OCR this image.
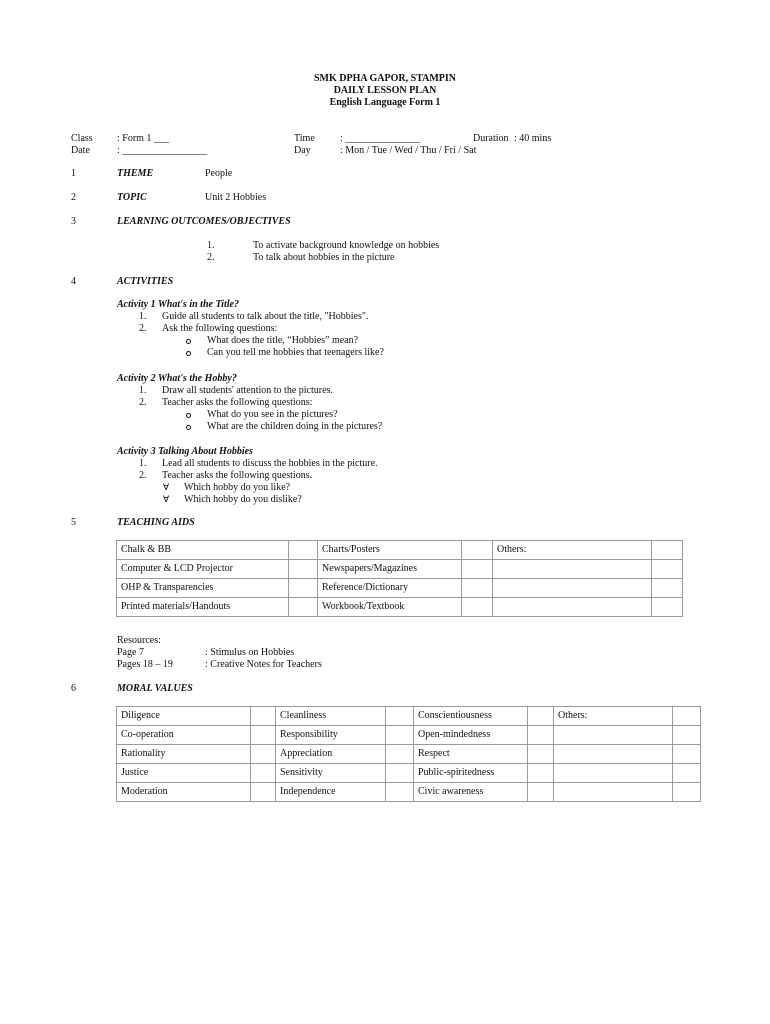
SMK DPHA GAPOR, STAMPIN
DAILY LESSON PLAN
English Language Form 1
Class : Form 1 ___
Date	: _________________
Time	: _______________
Day	: Mon / Tue / Wed / Thu / Fri / Sat
Duration : 40 mins
1	THEME	People
2	TOPIC	Unit 2 Hobbies
3	LEARNING OUTCOMES/OBJECTIVES
1.	To activate background knowledge on hobbies
2.	To talk about hobbies in the picture
4	ACTIVITIES
Activity 1 What's in the Title?
1. Guide all students to talk about the title, "Hobbies".
2. Ask the following questions:
What does the title, “Hobbies” mean?
Can you tell me hobbies that teenagers like?
Activity 2 What's the Hobby?
1. Draw all students' attention to the pictures.
2. Teacher asks the following questions:
What do you see in the pictures?
What are the children doing in the pictures?
Activity 3 Talking About Hobbies
1. Lead all students to discuss the hobbies in the picture.
2. Teacher asks the following questions.
Ɐ Which hobby do you like?
Ɐ Which hobby do you dislike?
5	TEACHING AIDS
Chalk & BB		Charts/Posters		Others:	
Computer & LCD Projector		Newspapers/Magazines			
OHP & Transparencies		Reference/Dictionary			
Printed materials/Handouts		Workbook/Textbook			
Resources:
Page 7	: Stimulus on Hobbies
Pages 18 – 19	: Creative Notes for Teachers
6	MORAL VALUES
Diligence		Cleanliness		Conscientiousness		Others:	
Co-operation		Responsibility		Open-mindedness			
Rationality		Appreciation		Respect			
Justice		Sensitivity		Public-spiritedness			
Moderation		Independence		Civic awareness			
